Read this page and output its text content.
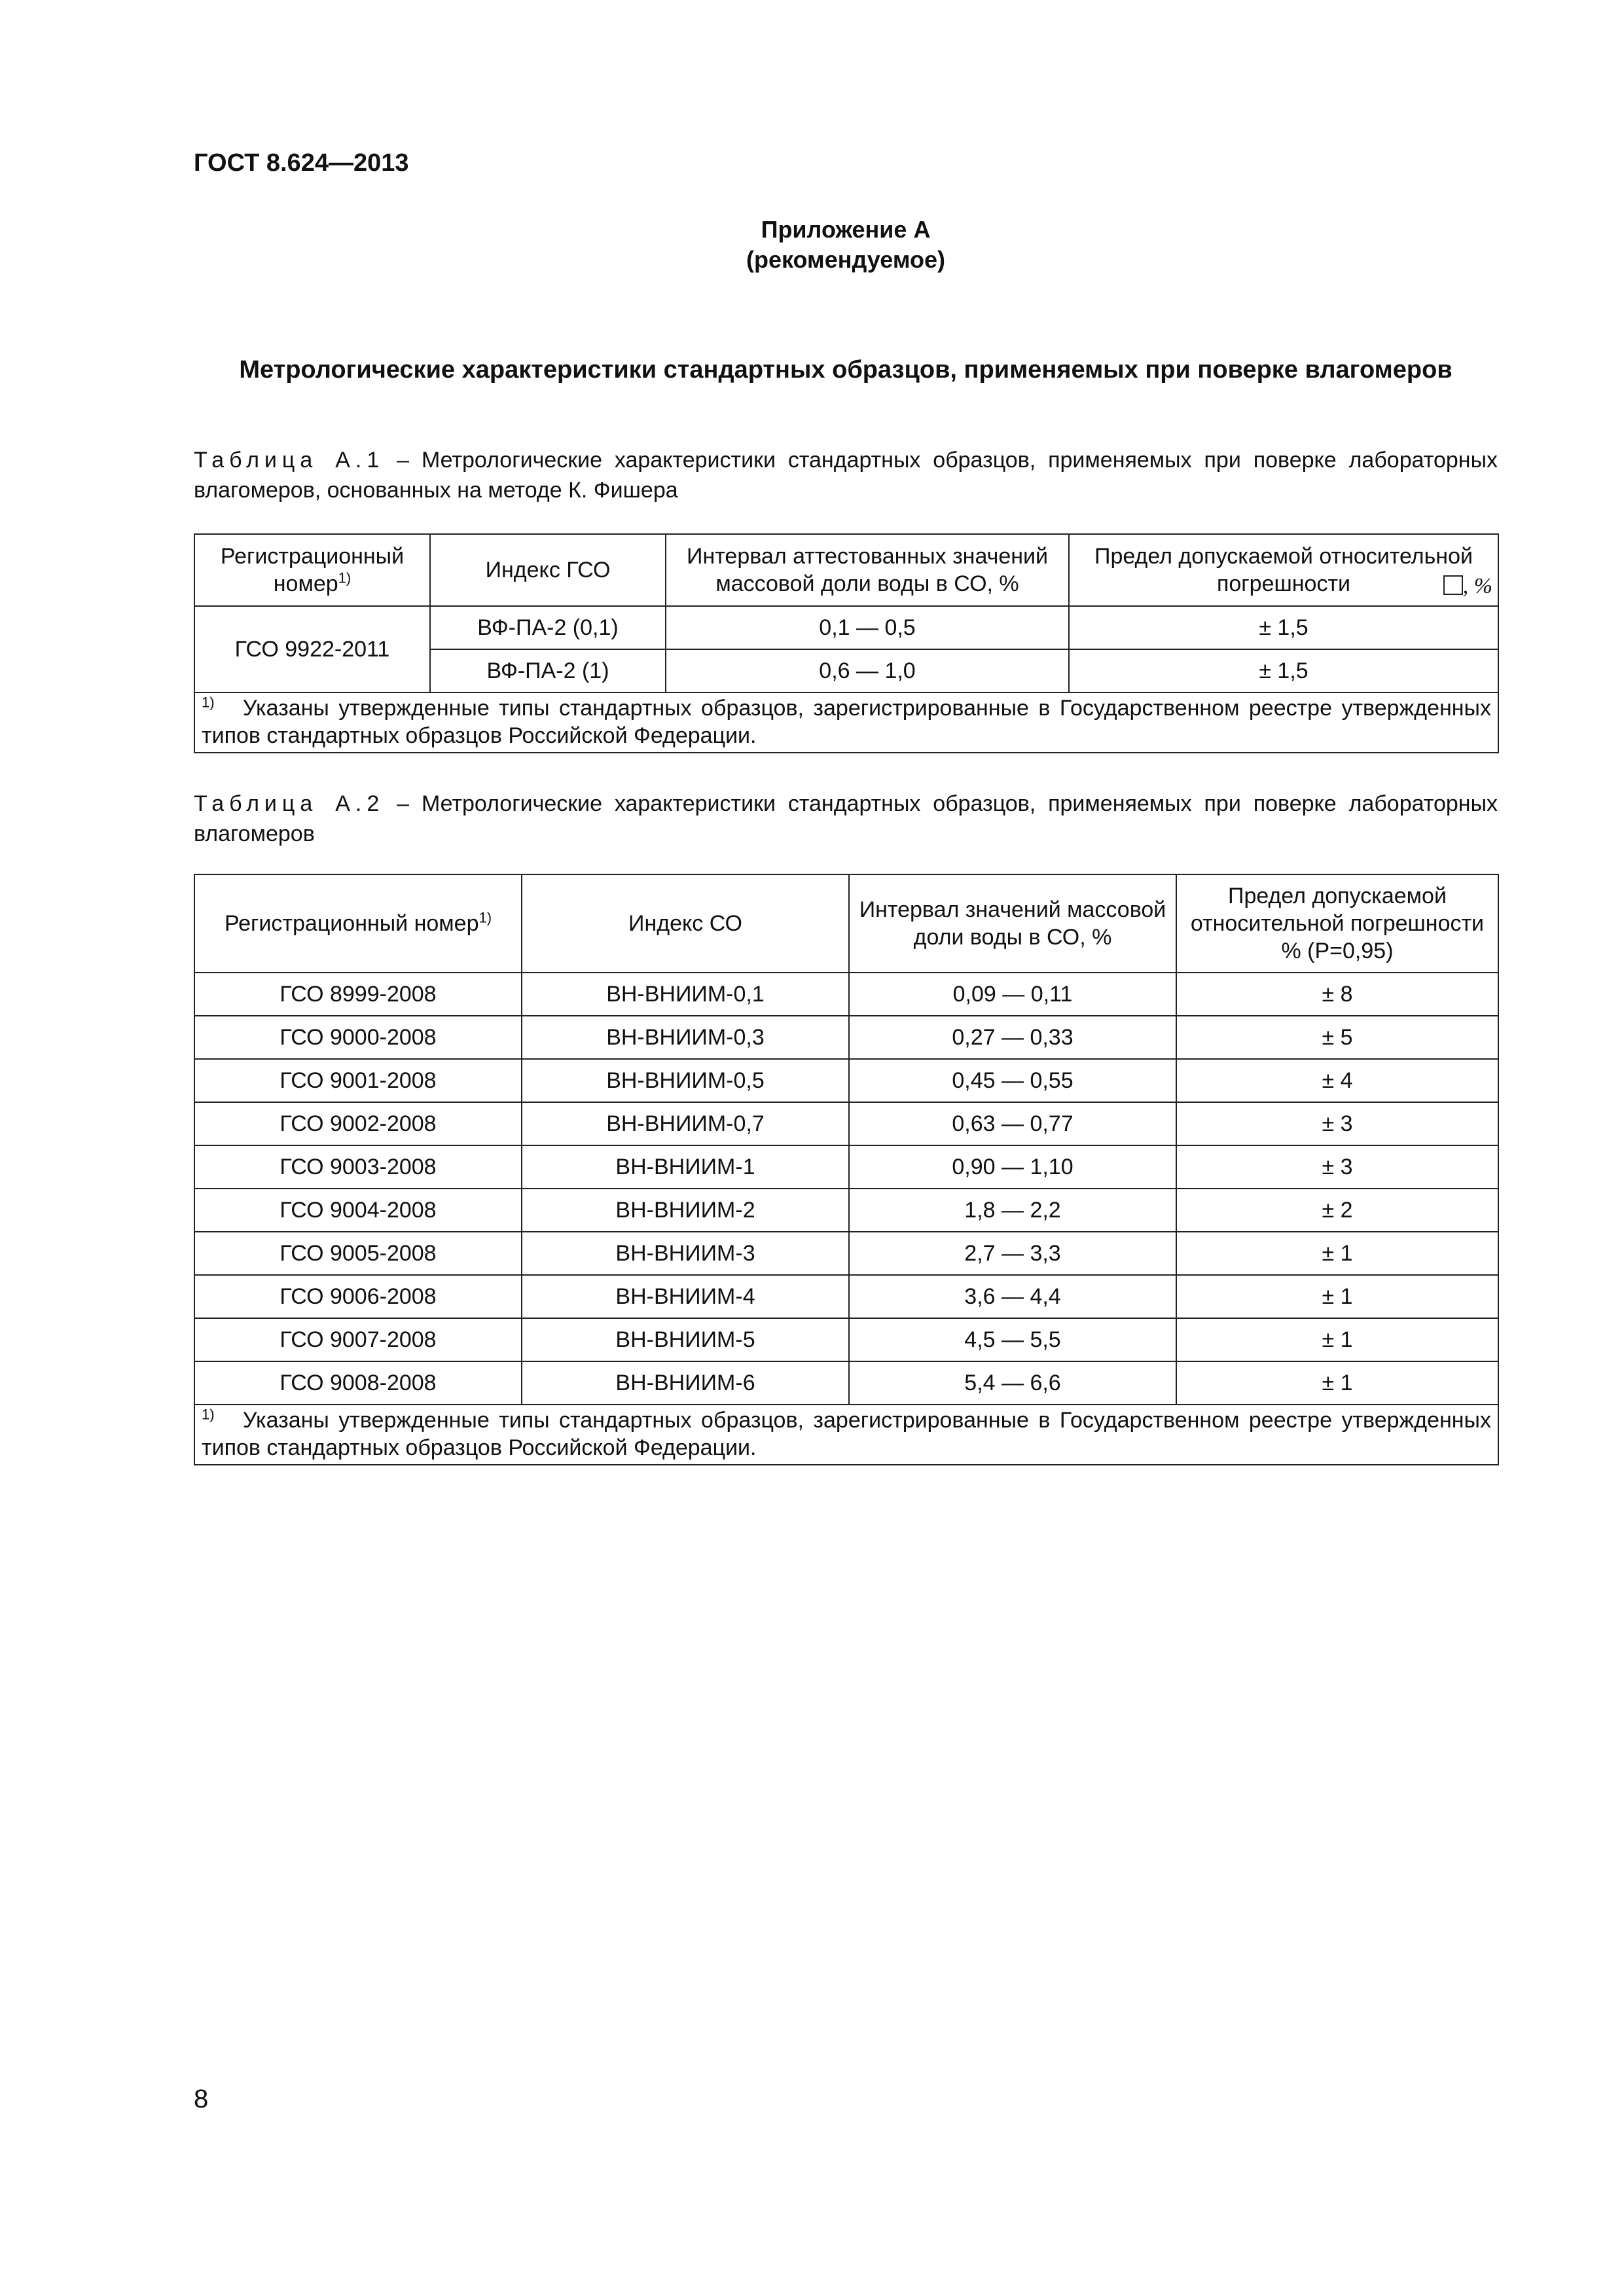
ГОСТ 8.624—2013
Приложение А
(рекомендуемое)
Метрологические характеристики стандартных образцов, применяемых при поверке влагомеров
Таблица А.1 – Метрологические характеристики стандартных образцов, применяемых при поверке лабораторных влагомеров, основанных на методе К. Фишера
Регистрационный номер$^{1)}$	Индекс ГСО	Интервал аттестованных значений массовой доли воды в СО, %	Предел допускаемой относительной погрешности , %

ГСО 9922-2011	ВФ-ПА-2 (0,1)	0,1 — 0,5	± 1,5
	ВФ-ПА-2 (1)	0,6 — 1,0	± 1,5
$^{1)}$ Указаны утвержденные типы стандартных образцов, зарегистрированные в Государственном реестре утвержденных типов стандартных образцов Российской Федерации.			
Таблица А.2 – Метрологические характеристики стандартных образцов, применяемых при поверке лабораторных влагомеров
Регистрационный номер$^{1)}$	Индекс СО	Интервал значений массовой доли воды в СО, %	Предел допускаемой относительной погрешности
% (Р=0,95)

ГСО 8999-2008	ВН-ВНИИМ-0,1	0,09 — 0,11	± 8
ГСО 9000-2008	ВН-ВНИИМ-0,3	0,27 — 0,33	± 5
ГСО 9001-2008	ВН-ВНИИМ-0,5	0,45 — 0,55	± 4
ГСО 9002-2008	ВН-ВНИИМ-0,7	0,63 — 0,77	± 3
ГСО 9003-2008	ВН-ВНИИМ-1	0,90 — 1,10	± 3
ГСО 9004-2008	ВН-ВНИИМ-2	1,8 — 2,2	± 2
ГСО 9005-2008	ВН-ВНИИМ-3	2,7 — 3,3	± 1
ГСО 9006-2008	ВН-ВНИИМ-4	3,6 — 4,4	± 1
ГСО 9007-2008	ВН-ВНИИМ-5	4,5 — 5,5	± 1
ГСО 9008-2008	ВН-ВНИИМ-6	5,4 — 6,6	± 1
$^{1)}$ Указаны утвержденные типы стандартных образцов, зарегистрированные в Государственном реестре утвержденных типов стандартных образцов Российской Федерации.			
8
